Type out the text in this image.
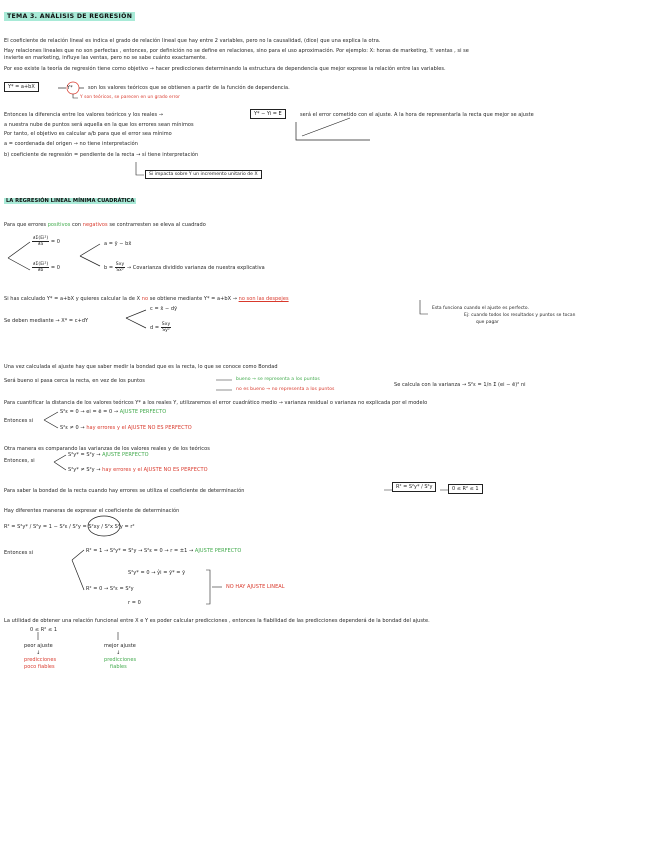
TEMA 3. ANÁLISIS DE REGRESIÓN
El coeficiente de relación lineal es indica el grado de relación lineal que hay entre 2 variables, pero no la causalidad, (dice) que una explica la otra.
Hay relaciones lineales que no son perfectas , entonces, por definición no se define en relaciones, sino para el uso aproximación. Por ejemplo: X: horas de marketing, Y: ventas , si se
invierte en marketing, influye las ventas, pero no se sabe cuánto exactamente.
Por eso existe la teoría de regresión tiene como objetivo → hacer predicciones determinando la estructura de dependencia que mejor exprese la relación entre las variables.
Y* = a+bX	Y*	son los valores teóricos que se obtienen a partir de la función de dependencia.
Y son teóricos, se parecen en un grado error
Entonces la diferencia entre los valores teóricos y los reales →	Y* − Yi = E	será el error cometido con el ajuste. A la hora de representarla la recta que mejor se ajuste
a nuestra nube de puntos será aquella en la que los errores sean mínimos
Por tanto, el objetivo es calcular a/b para que el error sea mínimo
a = coordenada del origen → no tiene interpretación
b) coeficiente de regresión = pendiente de la recta → sí tiene interpretación
Si impacta sobre Y un incremento unitario de X
LA REGRESIÓN LINEAL MÍNIMA CUADRÁTICA
Para que errores positivos con negativos se contrarresten se eleva al cuadrado
$\frac{\text{∂Σ(Ei²)}}{\partial a} = 0$
$\frac{\text{∂Σ(Ei²)}}{\partial b} = 0$
a = ȳ − bx̄
$b = \frac{\text{Sxy}}{\text{Sx²}}$ → Covarianza dividido varianza de nuestra explicativa
Si has calculado Y* = a+bX y quieres calcular la de X no se obtiene mediante Y* = a+bX → no son las despejes
Esta funciona cuando el ajuste es perfecto.
Ej: cuando todos los resultados y puntos se tocan
que pagar
Se deben mediante → X* = c+dY
c = x̄ − dȳ
$d = \frac{\text{Sxy}}{\text{Sy²}}$
Una vez calculada el ajuste hay que saber medir la bondad que es la recta, lo que se conoce como Bondad
Será bueno si pasa cerca la recta, en vez de los puntos	bueno → se representa a los puntos
no es bueno → no representa a los puntos
Se calcula con la varianza → S²ε = 1/n Σ (ei − ē)² ni
Para cuantificar la distancia de los valores teóricos Y* a los reales Y, utilizaremos el error cuadrático medio → varianza residual o varianza no explicada por el modelo
Entonces si
S²ε = 0 → ei = ē = 0 → AJUSTE PERFECTO
S²ε ≠ 0 → hay errores y el AJUSTE NO ES PERFECTO
Otra manera es comparando las varianzas de los valores reales y de los teóricos
Entonces, si
S²y* = S²y → AJUSTE PERFECTO
S²y* ≠ S²y → hay errores y el AJUSTE NO ES PERFECTO
Para saber la bondad de la recta cuando hay errores se utiliza el coeficiente de determinación
R² = S²y* / S²y	0 ≤ R² ≤ 1
Hay diferentes maneras de expresar el coeficiente de determinación
R² = S²y* / S²y = 1 − S²ε / S²y = S²xy / S²x S²y = r²
Entonces si	R² = 1 → S²y* = S²y → S²ε = 0 → r = ±1 → AJUSTE PERFECTO
S²y* = 0 → ŷi = ȳ* = ȳ
R² = 0 → S²ε = S²y	NO HAY AJUSTE LINEAL
r = 0
La utilidad de obtener una relación funcional entre X e Y es poder calcular predicciones , entonces la fiabilidad de las predicciones dependerá de la bondad del ajuste.
0 ≤ R² ≤ 1
peor ajuste
↓
predicciones
poco fiables
mejor ajuste
↓
predicciones
fiables
